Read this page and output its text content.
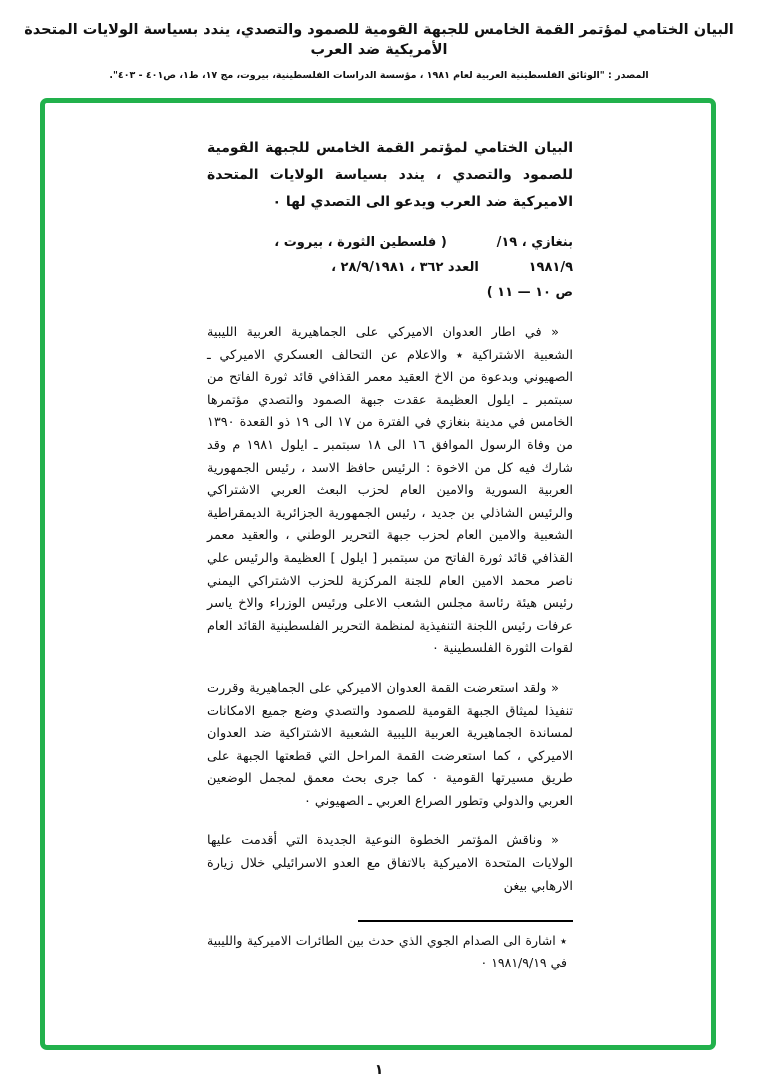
البيان الختامي لمؤتمر القمة الخامس للجبهة القومية للصمود والتصدي، يندد بسياسة الولايات المتحدة الأمريكية ضد العرب
المصدر : "الوثائق الفلسطينية العربية لعام ١٩٨١ ، مؤسسة الدراسات الفلسطينية، بيروت، مج ١٧، ط١، ص٤٠١ - ٤٠٣".
البيان الختامي لمؤتمر القمة الخامس للجبهة القومية للصمود والتصدي ، يندد بسياسة الولايات المتحدة الاميركية ضد العرب ويدعو الى التصدي لها ٠
بنغازي ، ١٩/           ( فلسطين الثورة ، بيروت ،
١٩٨١/٩           العدد ٣٦٢ ، ٢٨/٩/١٩٨١ ،
ص ١٠ — ١١ )
« في اطار العدوان الاميركي على الجماهيرية العربية الليبية الشعبية الاشتراكية ٭ والاعلام عن التحالف العسكري الاميركي ـ الصهيوني وبدعوة من الاخ العقيد معمر القذافي قائد ثورة الفاتح من سبتمبر ـ ايلول العظيمة عقدت جبهة الصمود والتصدي مؤتمرها الخامس في مدينة بنغازي في الفترة من ١٧ الى ١٩ ذو القعدة ١٣٩٠ من وفاة الرسول الموافق ١٦ الى ١٨ سبتمبر ـ ايلول ١٩٨١ م وقد شارك فيه كل من الاخوة : الرئيس حافظ الاسد ، رئيس الجمهورية العربية السورية والامين العام لحزب البعث العربي الاشتراكي والرئيس الشاذلي بن جديد ، رئيس الجمهورية الجزائرية الديمقراطية الشعبية والامين العام لحزب جبهة التحرير الوطني ، والعقيد معمر القذافي قائد ثورة الفاتح من سبتمبر [ ايلول ] العظيمة والرئيس علي ناصر محمد الامين العام للجنة المركزية للحزب الاشتراكي اليمني رئيس هيئة رئاسة مجلس الشعب الاعلى ورئيس الوزراء والاخ ياسر عرفات رئيس اللجنة التنفيذية لمنظمة التحرير الفلسطينية القائد العام لقوات الثورة الفلسطينية ٠
« ولقد استعرضت القمة العدوان الاميركي على الجماهيرية وقررت تنفيذا لميثاق الجبهة القومية للصمود والتصدي وضع جميع الامكانات لمساندة الجماهيرية العربية الليبية الشعبية الاشتراكية ضد العدوان الاميركي ، كما استعرضت القمة المراحل التي قطعتها الجبهة على طريق مسيرتها القومية ٠ كما جرى بحث معمق لمجمل الوضعين العربي والدولي وتطور الصراع العربي ـ الصهيوني ٠
« وناقش المؤتمر الخطوة النوعية الجديدة التي أقدمت عليها الولايات المتحدة الاميركية بالاتفاق مع العدو الاسرائيلي خلال زيارة الارهابي بيغن
٭ اشارة الى الصدام الجوي الذي حدث بين الطائرات الاميركية والليبية في ١٩٨١/٩/١٩ ٠
١
